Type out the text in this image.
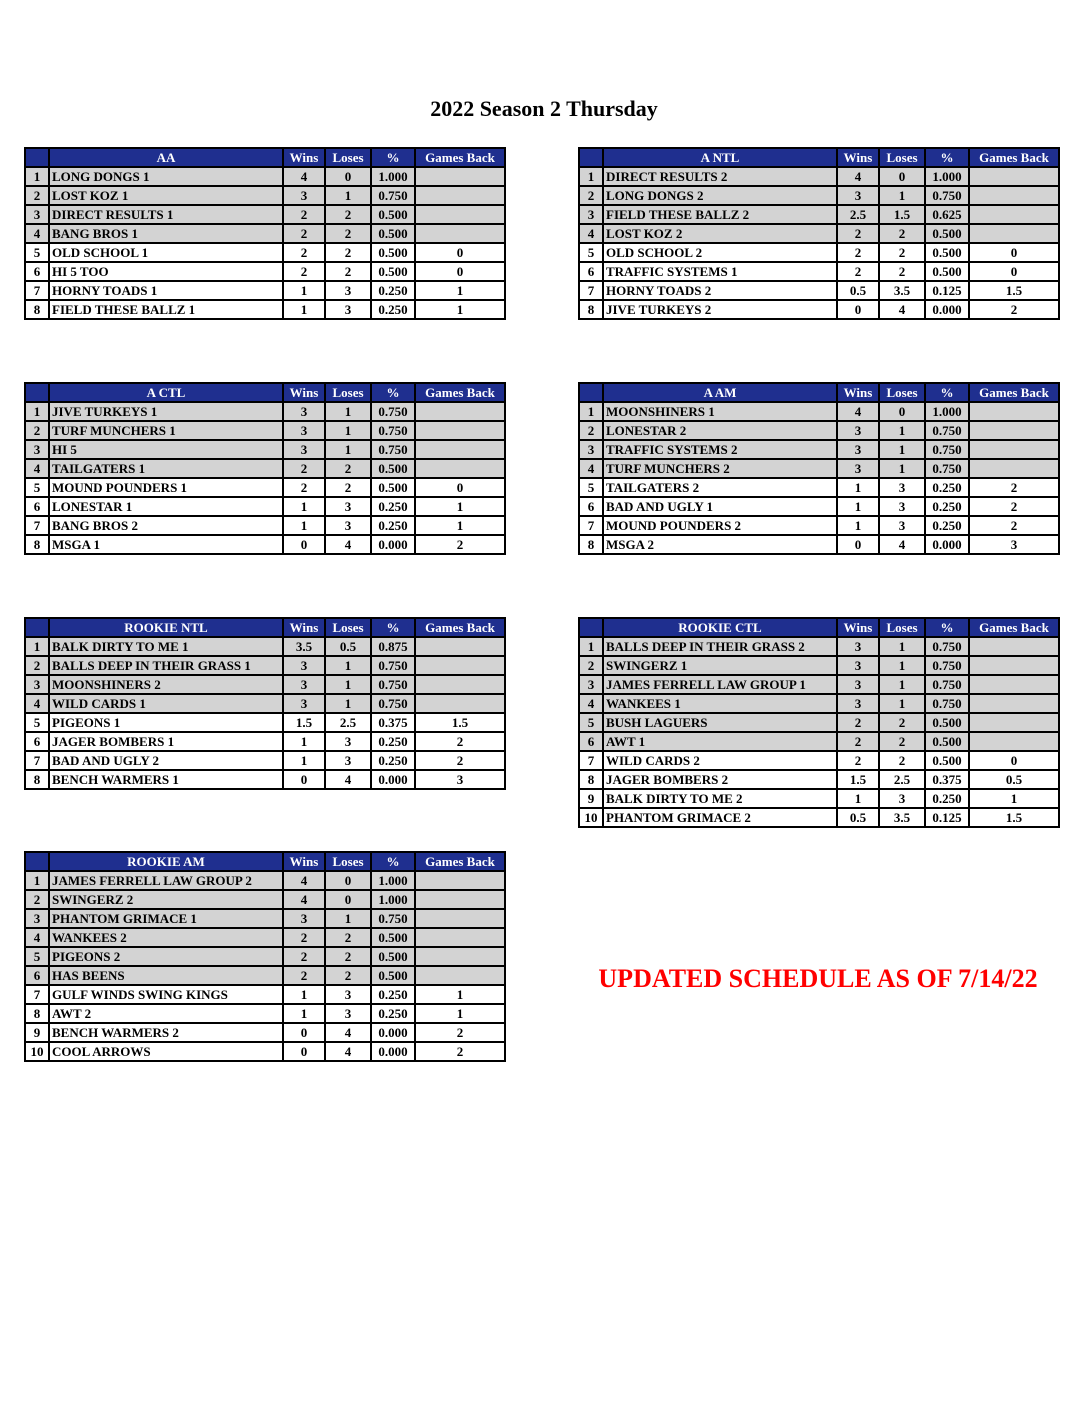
2022 Season 2 Thursday
	AA	Wins	Loses	%	Games Back
1	LONG DONGS 1	4	0	1.000	
2	LOST KOZ 1	3	1	0.750	
3	DIRECT RESULTS 1	2	2	0.500	
4	BANG BROS 1	2	2	0.500	
5	OLD SCHOOL 1	2	2	0.500	0
6	HI 5 TOO	2	2	0.500	0
7	HORNY TOADS 1	1	3	0.250	1
8	FIELD THESE BALLZ 1	1	3	0.250	1
	A NTL	Wins	Loses	%	Games Back
1	DIRECT RESULTS 2	4	0	1.000	
2	LONG DONGS 2	3	1	0.750	
3	FIELD THESE BALLZ 2	2.5	1.5	0.625	
4	LOST KOZ 2	2	2	0.500	
5	OLD SCHOOL 2	2	2	0.500	0
6	TRAFFIC SYSTEMS 1	2	2	0.500	0
7	HORNY TOADS 2	0.5	3.5	0.125	1.5
8	JIVE TURKEYS 2	0	4	0.000	2
	A CTL	Wins	Loses	%	Games Back
1	JIVE TURKEYS 1	3	1	0.750	
2	TURF MUNCHERS 1	3	1	0.750	
3	HI 5	3	1	0.750	
4	TAILGATERS 1	2	2	0.500	
5	MOUND POUNDERS 1	2	2	0.500	0
6	LONESTAR 1	1	3	0.250	1
7	BANG BROS 2	1	3	0.250	1
8	MSGA 1	0	4	0.000	2
	A AM	Wins	Loses	%	Games Back
1	MOONSHINERS 1	4	0	1.000	
2	LONESTAR 2	3	1	0.750	
3	TRAFFIC SYSTEMS 2	3	1	0.750	
4	TURF MUNCHERS 2	3	1	0.750	
5	TAILGATERS 2	1	3	0.250	2
6	BAD AND UGLY 1	1	3	0.250	2
7	MOUND POUNDERS 2	1	3	0.250	2
8	MSGA 2	0	4	0.000	3
	ROOKIE NTL	Wins	Loses	%	Games Back
1	BALK DIRTY TO ME 1	3.5	0.5	0.875	
2	BALLS DEEP IN THEIR GRASS 1	3	1	0.750	
3	MOONSHINERS 2	3	1	0.750	
4	WILD CARDS 1	3	1	0.750	
5	PIGEONS 1	1.5	2.5	0.375	1.5
6	JAGER BOMBERS 1	1	3	0.250	2
7	BAD AND UGLY 2	1	3	0.250	2
8	BENCH WARMERS 1	0	4	0.000	3
	ROOKIE CTL	Wins	Loses	%	Games Back
1	BALLS DEEP IN THEIR GRASS 2	3	1	0.750	
2	SWINGERZ 1	3	1	0.750	
3	JAMES FERRELL LAW GROUP 1	3	1	0.750	
4	WANKEES 1	3	1	0.750	
5	BUSH LAGUERS	2	2	0.500	
6	AWT 1	2	2	0.500	
7	WILD CARDS 2	2	2	0.500	0
8	JAGER BOMBERS 2	1.5	2.5	0.375	0.5
9	BALK DIRTY TO ME 2	1	3	0.250	1
10	PHANTOM GRIMACE 2	0.5	3.5	0.125	1.5
	ROOKIE AM	Wins	Loses	%	Games Back
1	JAMES FERRELL LAW GROUP 2	4	0	1.000	
2	SWINGERZ 2	4	0	1.000	
3	PHANTOM GRIMACE 1	3	1	0.750	
4	WANKEES 2	2	2	0.500	
5	PIGEONS 2	2	2	0.500	
6	HAS BEENS	2	2	0.500	
7	GULF WINDS SWING KINGS	1	3	0.250	1
8	AWT 2	1	3	0.250	1
9	BENCH WARMERS 2	0	4	0.000	2
10	COOL ARROWS	0	4	0.000	2
UPDATED SCHEDULE AS OF 7/14/22
